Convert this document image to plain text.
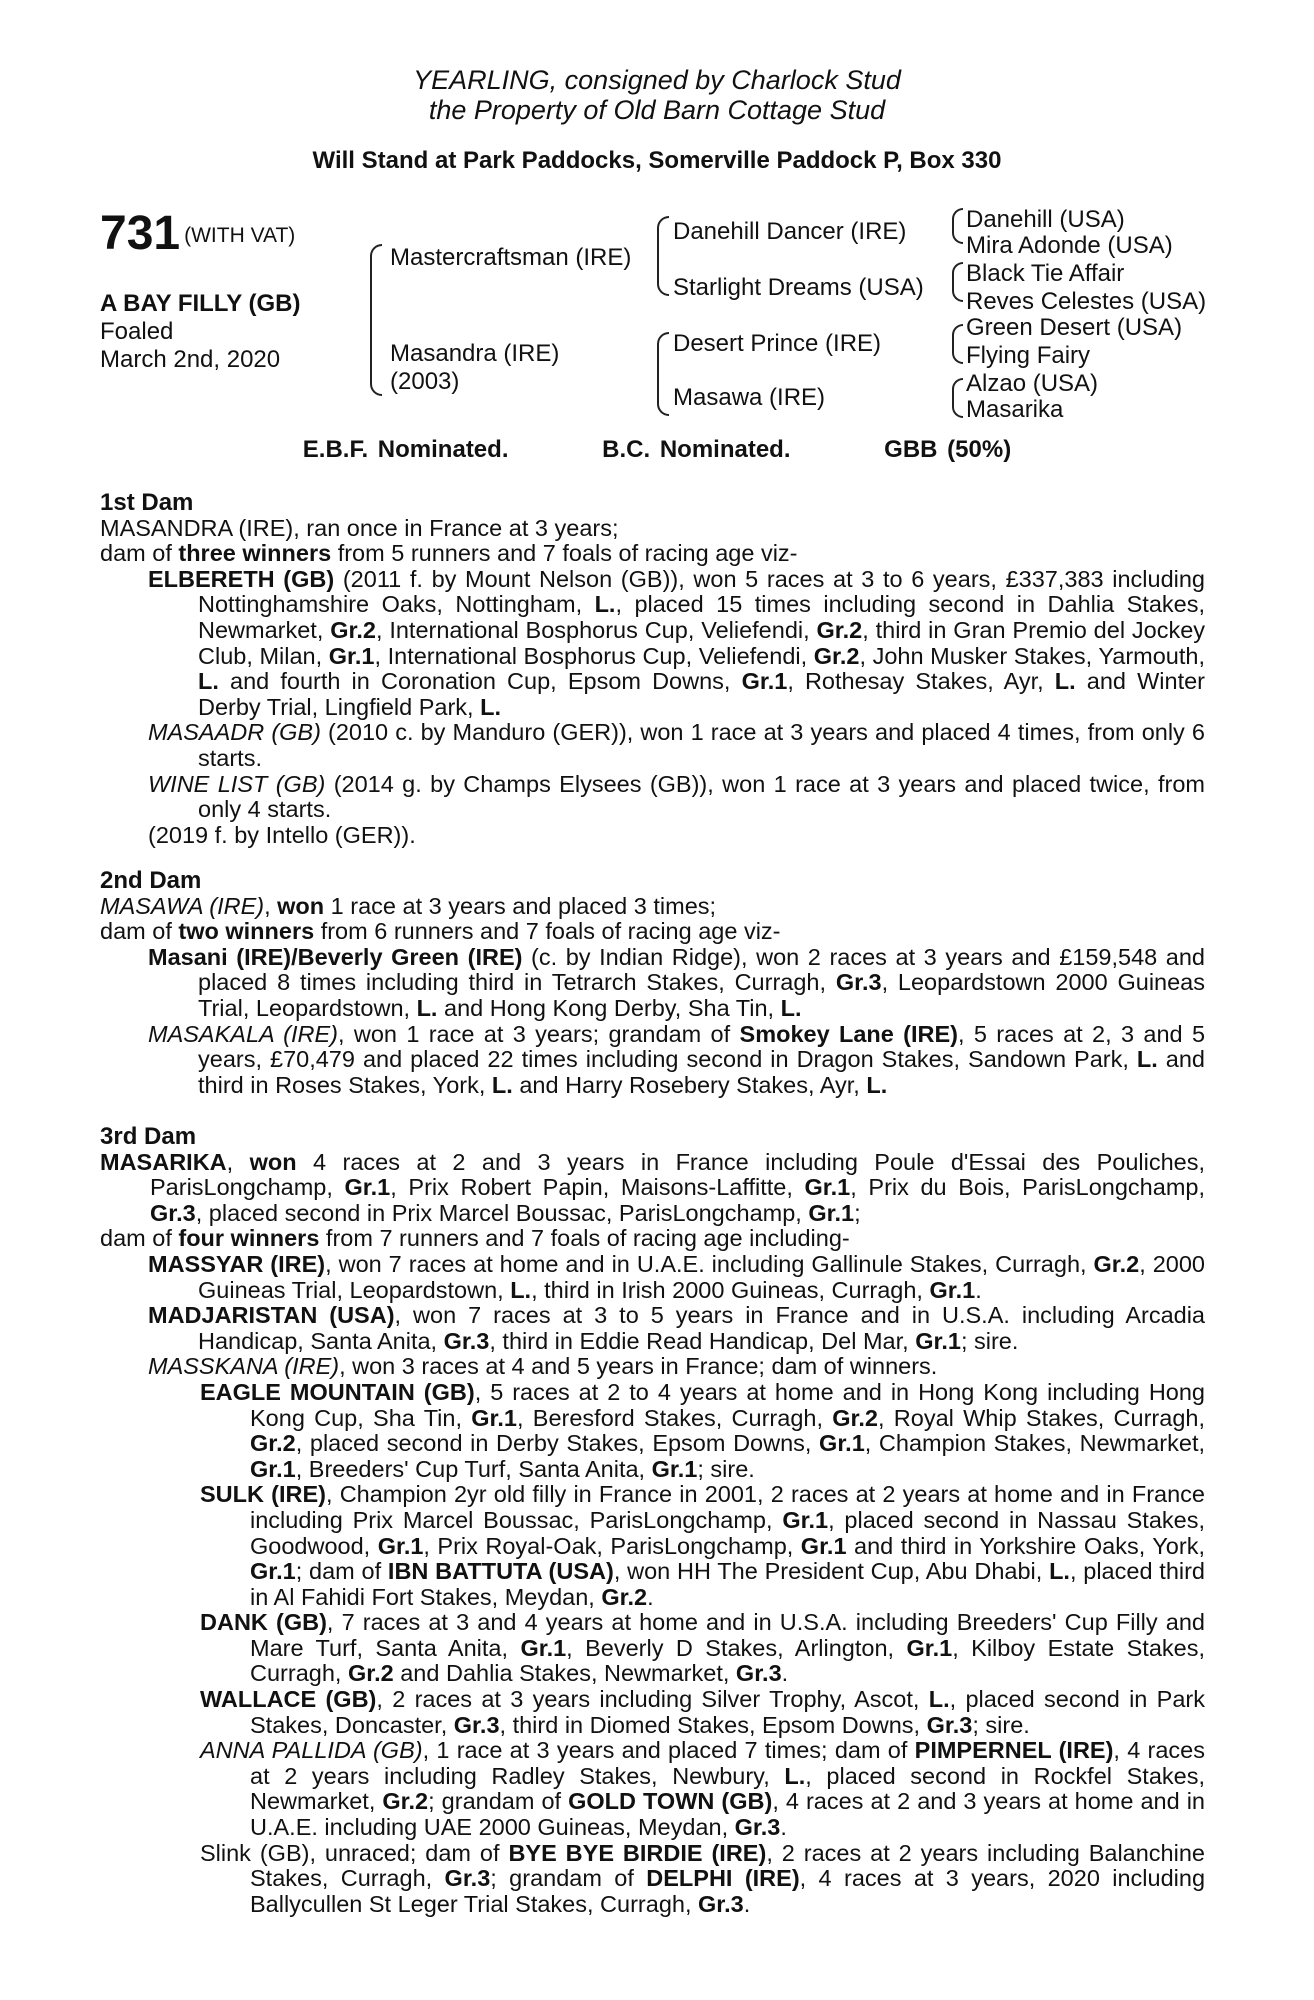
YEARLING, consigned by Charlock Stud
the Property of Old Barn Cottage Stud
Will Stand at Park Paddocks, Somerville Paddock P, Box 330
731 (WITH VAT)
A BAY FILLY (GB)
Foaled
March 2nd, 2020
Mastercraftsman (IRE)
Masandra (IRE)
(2003)
Danehill Dancer (IRE)
Starlight Dreams (USA)
Desert Prince (IRE)
Masawa (IRE)
Danehill (USA)
Mira Adonde (USA)
Black Tie Affair
Reves Celestes (USA)
Green Desert (USA)
Flying Fairy
Alzao (USA)
Masarika
E.B.F. Nominated.	B.C. Nominated.	GBB (50%)

1st Dam

MASANDRA (IRE), ran once in France at 3 years;

dam of three winners from 5 runners and 7 foals of racing age viz-

ELBERETH (GB) (2011 f. by Mount Nelson (GB)), won 5 races at 3 to 6 years, £337,383 including Nottinghamshire Oaks, Nottingham, L., placed 15 times including second in Dahlia Stakes, Newmarket, Gr.2, International Bosphorus Cup, Veliefendi, Gr.2, third in Gran Premio del Jockey Club, Milan, Gr.1, International Bosphorus Cup, Veliefendi, Gr.2, John Musker Stakes, Yarmouth, L. and fourth in Coronation Cup, Epsom Downs, Gr.1, Rothesay Stakes, Ayr, L. and Winter Derby Trial, Lingfield Park, L.

MASAADR (GB) (2010 c. by Manduro (GER)), won 1 race at 3 years and placed 4 times, from only 6 starts.

WINE LIST (GB) (2014 g. by Champs Elysees (GB)), won 1 race at 3 years and placed twice, from only 4 starts.

(2019 f. by Intello (GER)).

2nd Dam

MASAWA (IRE), won 1 race at 3 years and placed 3 times;

dam of two winners from 6 runners and 7 foals of racing age viz-

Masani (IRE)/Beverly Green (IRE) (c. by Indian Ridge), won 2 races at 3 years and £159,548 and placed 8 times including third in Tetrarch Stakes, Curragh, Gr.3, Leopardstown 2000 Guineas Trial, Leopardstown, L. and Hong Kong Derby, Sha Tin, L.

MASAKALA (IRE), won 1 race at 3 years; grandam of Smokey Lane (IRE), 5 races at 2, 3 and 5 years, £70,479 and placed 22 times including second in Dragon Stakes, Sandown Park, L. and third in Roses Stakes, York, L. and Harry Rosebery Stakes, Ayr, L.

3rd Dam

MASARIKA, won 4 races at 2 and 3 years in France including Poule d'Essai des Pouliches, ParisLongchamp, Gr.1, Prix Robert Papin, Maisons-Laffitte, Gr.1, Prix du Bois, ParisLongchamp, Gr.3, placed second in Prix Marcel Boussac, ParisLongchamp, Gr.1;

dam of four winners from 7 runners and 7 foals of racing age including-

MASSYAR (IRE), won 7 races at home and in U.A.E. including Gallinule Stakes, Curragh, Gr.2, 2000 Guineas Trial, Leopardstown, L., third in Irish 2000 Guineas, Curragh, Gr.1.

MADJARISTAN (USA), won 7 races at 3 to 5 years in France and in U.S.A. including Arcadia Handicap, Santa Anita, Gr.3, third in Eddie Read Handicap, Del Mar, Gr.1; sire.

MASSKANA (IRE), won 3 races at 4 and 5 years in France; dam of winners.

EAGLE MOUNTAIN (GB), 5 races at 2 to 4 years at home and in Hong Kong including Hong Kong Cup, Sha Tin, Gr.1, Beresford Stakes, Curragh, Gr.2, Royal Whip Stakes, Curragh, Gr.2, placed second in Derby Stakes, Epsom Downs, Gr.1, Champion Stakes, Newmarket, Gr.1, Breeders' Cup Turf, Santa Anita, Gr.1; sire.

SULK (IRE), Champion 2yr old filly in France in 2001, 2 races at 2 years at home and in France including Prix Marcel Boussac, ParisLongchamp, Gr.1, placed second in Nassau Stakes, Goodwood, Gr.1, Prix Royal-Oak, ParisLongchamp, Gr.1 and third in Yorkshire Oaks, York, Gr.1; dam of IBN BATTUTA (USA), won HH The President Cup, Abu Dhabi, L., placed third in Al Fahidi Fort Stakes, Meydan, Gr.2.

DANK (GB), 7 races at 3 and 4 years at home and in U.S.A. including Breeders' Cup Filly and Mare Turf, Santa Anita, Gr.1, Beverly D Stakes, Arlington, Gr.1, Kilboy Estate Stakes, Curragh, Gr.2 and Dahlia Stakes, Newmarket, Gr.3.

WALLACE (GB), 2 races at 3 years including Silver Trophy, Ascot, L., placed second in Park Stakes, Doncaster, Gr.3, third in Diomed Stakes, Epsom Downs, Gr.3; sire.

ANNA PALLIDA (GB), 1 race at 3 years and placed 7 times; dam of PIMPERNEL (IRE), 4 races at 2 years including Radley Stakes, Newbury, L., placed second in Rockfel Stakes, Newmarket, Gr.2; grandam of GOLD TOWN (GB), 4 races at 2 and 3 years at home and in U.A.E. including UAE 2000 Guineas, Meydan, Gr.3.

Slink (GB), unraced; dam of BYE BYE BIRDIE (IRE), 2 races at 2 years including Balanchine Stakes, Curragh, Gr.3; grandam of DELPHI (IRE), 4 races at 3 years, 2020 including Ballycullen St Leger Trial Stakes, Curragh, Gr.3.
